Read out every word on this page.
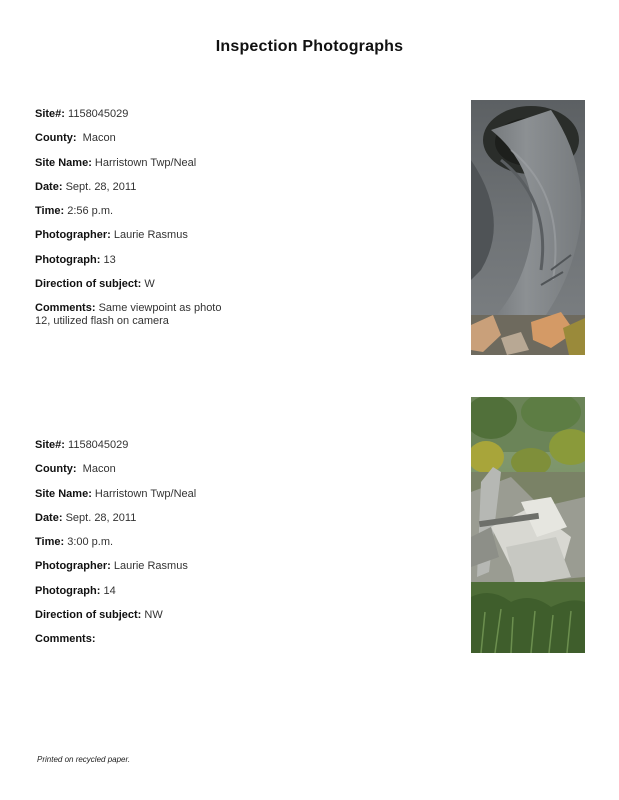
Inspection Photographs
Site#: 1158045029
County: Macon
Site Name: Harristown Twp/Neal
Date: Sept. 28, 2011
Time: 2:56 p.m.
Photographer: Laurie Rasmus
Photograph: 13
Direction of subject: W
Comments: Same viewpoint as photo 12, utilized flash on camera
Site#: 1158045029
County: Macon
Site Name: Harristown Twp/Neal
Date: Sept. 28, 2011
Time: 3:00 p.m.
Photographer: Laurie Rasmus
Photograph: 14
Direction of subject: NW
Comments:
Printed on recycled paper.
